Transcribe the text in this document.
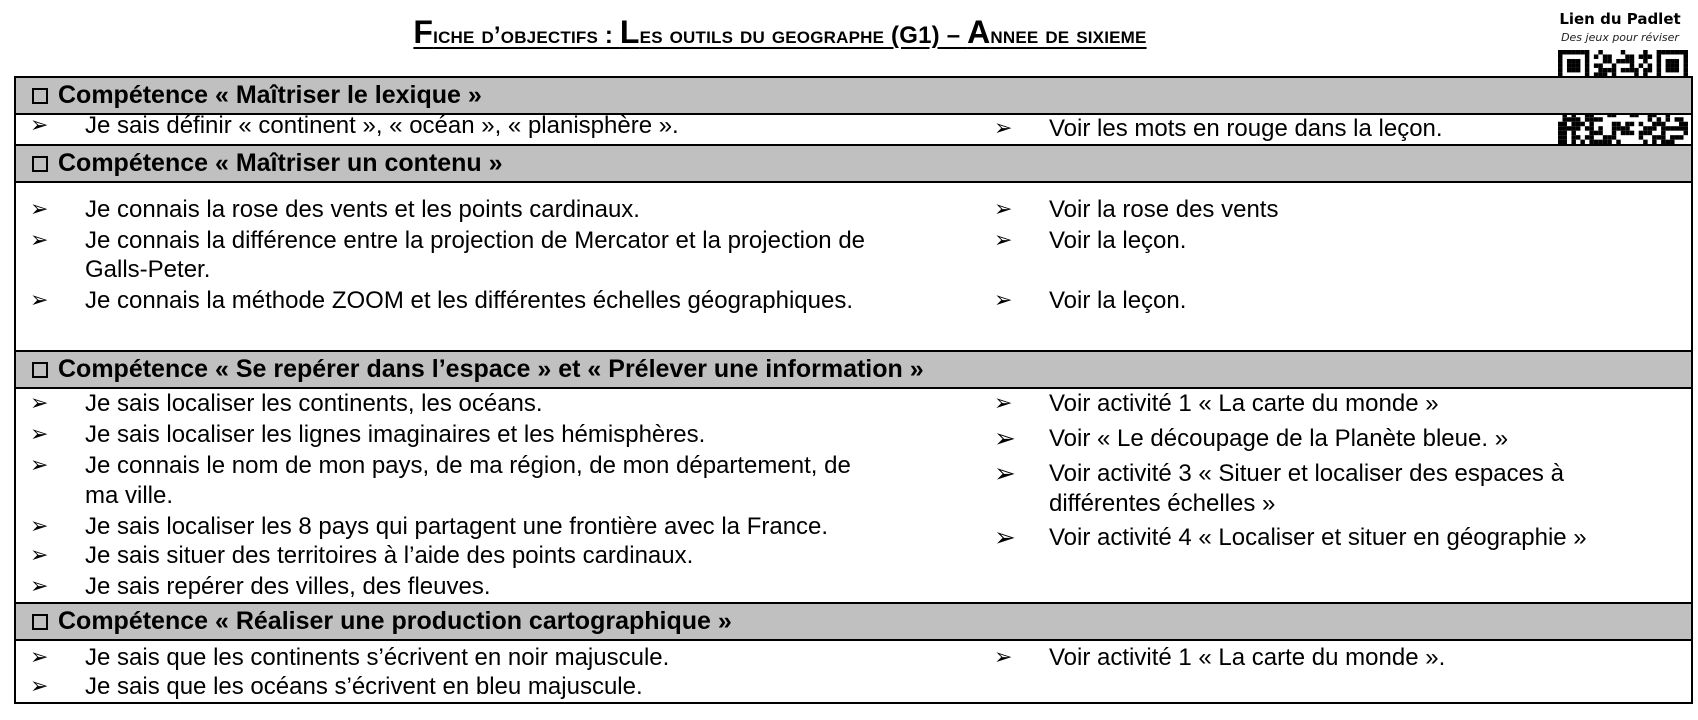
Fiche d’objectifs : Les outils du geographe (G1) – Annee de sixieme
Lien du Padlet
Des jeux pour réviser
Compétence « Maîtriser le lexique »
➢ Je sais définir « continent », « océan », « planisphère ».	➢ Voir les mots en rouge dans la leçon.
Compétence « Maîtriser un contenu »
➢ Je connais la rose des vents et les points cardinaux.
➢ Je connais la différence entre la projection de Mercator et la projection de
Galls-Peter.
➢ Je connais la méthode ZOOM et les différentes échelles géographiques.
➢ Voir la rose des vents
➢ Voir la leçon.
➢ Voir la leçon.
Compétence « Se repérer dans l’espace » et « Prélever une information »
➢ Je sais localiser les continents, les océans.
➢ Je sais localiser les lignes imaginaires et les hémisphères.
➢ Je connais le nom de mon pays, de ma région, de mon département, de
ma ville.
➢ Je sais localiser les 8 pays qui partagent une frontière avec la France.
➢ Je sais situer des territoires à l’aide des points cardinaux.
➢ Je sais repérer des villes, des fleuves.
➢ Voir activité 1 « La carte du monde »
➢ Voir « Le découpage de la Planète bleue. »
➢ Voir activité 3 « Situer et localiser des espaces à
différentes échelles »
➢ Voir activité 4 « Localiser et situer en géographie »
Compétence « Réaliser une production cartographique »
➢ Je sais que les continents s’écrivent en noir majuscule.
➢ Je sais que les océans s’écrivent en bleu majuscule.
➢ Voir activité 1 « La carte du monde ».
